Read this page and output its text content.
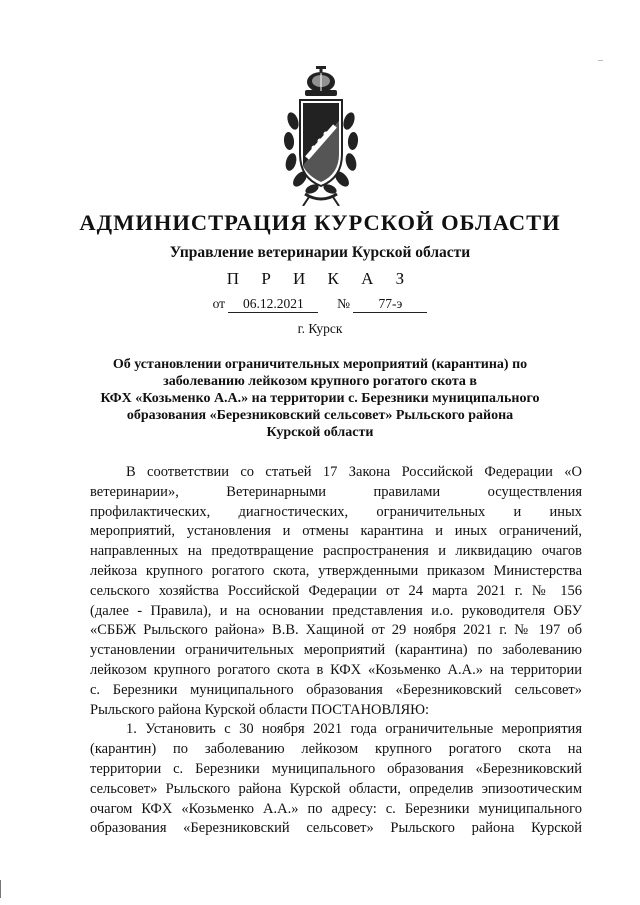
АДМИНИСТРАЦИЯ КУРСКОЙ ОБЛАСТИ
Управление ветеринарии Курской области
П Р И К А З
от 06.12.2021 № 77-э
г. Курск
Об установлении ограничительных мероприятий (карантина) по
заболеванию лейкозом крупного рогатого скота в
КФХ «Козьменко А.А.» на территории с. Березники муниципального
образования «Березниковский сельсовет» Рыльского района
Курской области

В соответствии со статьей 17 Закона Российской Федерации «О

ветеринарии», Ветеринарными правилами осуществления

профилактических, диагностических, ограничительных и иных

мероприятий, установления и отмены карантина и иных ограничений,

направленных на предотвращение распространения и ликвидацию очагов

лейкоза крупного рогатого скота, утвержденными приказом Министерства

сельского хозяйства Российской Федерации от 24 марта 2021 г. № 156

(далее - Правила), и на основании представления и.о. руководителя ОБУ

«СББЖ Рыльского района» В.В. Хащиной от 29 ноября 2021 г. № 197 об

установлении ограничительных мероприятий (карантина) по заболеванию

лейкозом крупного рогатого скота в КФХ «Козьменко А.А.» на территории

с. Березники муниципального образования «Березниковский сельсовет»

Рыльского района Курской области ПОСТАНОВЛЯЮ:

1. Установить с 30 ноября 2021 года ограничительные мероприятия

(карантин) по заболеванию лейкозом крупного рогатого скота на

территории с. Березники муниципального образования «Березниковский

сельсовет» Рыльского района Курской области, определив эпизоотическим

очагом КФХ «Козьменко А.А.» по адресу: с. Березники муниципального

образования «Березниковский сельсовет» Рыльского района Курской
